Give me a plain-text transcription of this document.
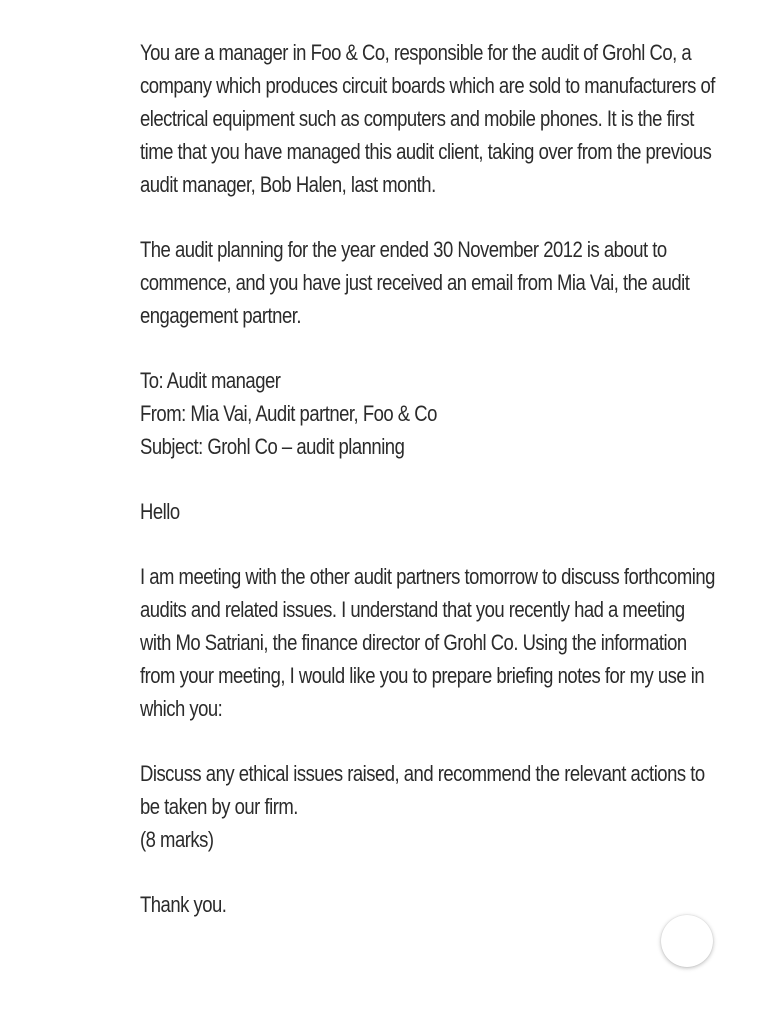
You are a manager in Foo & Co, responsible for the audit of Grohl Co, a company which produces circuit boards which are sold to manufacturers of electrical equipment such as computers and mobile phones. It is the first time that you have managed this audit client, taking over from the previous audit manager, Bob Halen, last month.

The audit planning for the year ended 30 November 2012 is about to commence, and you have just received an email from Mia Vai, the audit engagement partner.

To: Audit manager
From: Mia Vai, Audit partner, Foo & Co
Subject: Grohl Co – audit planning

Hello

I am meeting with the other audit partners tomorrow to discuss forthcoming audits and related issues. I understand that you recently had a meeting with Mo Satriani, the finance director of Grohl Co. Using the information from your meeting, I would like you to prepare briefing notes for my use in which you:

Discuss any ethical issues raised, and recommend the relevant actions to be taken by our firm.
(8 marks)

Thank you.
